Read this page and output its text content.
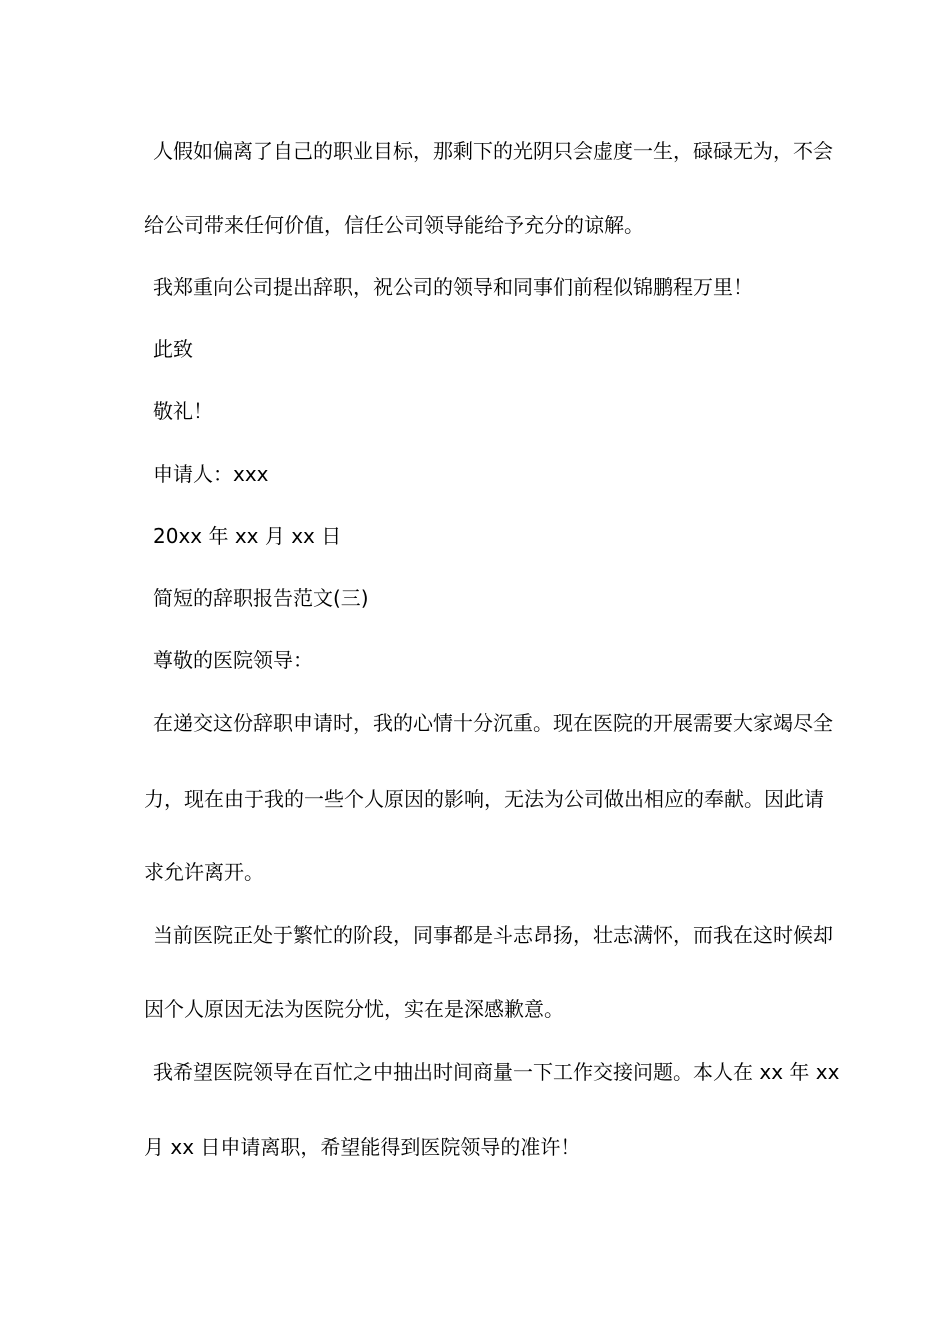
人假如偏离了自己的职业目标，那剩下的光阴只会虚度一生，碌碌无为，不会
给公司带来任何价值，信任公司领导能给予充分的谅解。
我郑重向公司提出辞职，祝公司的领导和同事们前程似锦鹏程万里！
此致
敬礼！
申请人：xxx
20xx 年 xx 月 xx 日
简短的辞职报告范文(三)
尊敬的医院领导：
在递交这份辞职申请时，我的心情十分沉重。现在医院的开展需要大家竭尽全
力，现在由于我的一些个人原因的影响，无法为公司做出相应的奉献。因此请
求允许离开。
当前医院正处于繁忙的阶段，同事都是斗志昂扬，壮志满怀，而我在这时候却
因个人原因无法为医院分忧，实在是深感歉意。
我希望医院领导在百忙之中抽出时间商量一下工作交接问题。本人在 xx 年 xx
月 xx 日申请离职，希望能得到医院领导的准许！
